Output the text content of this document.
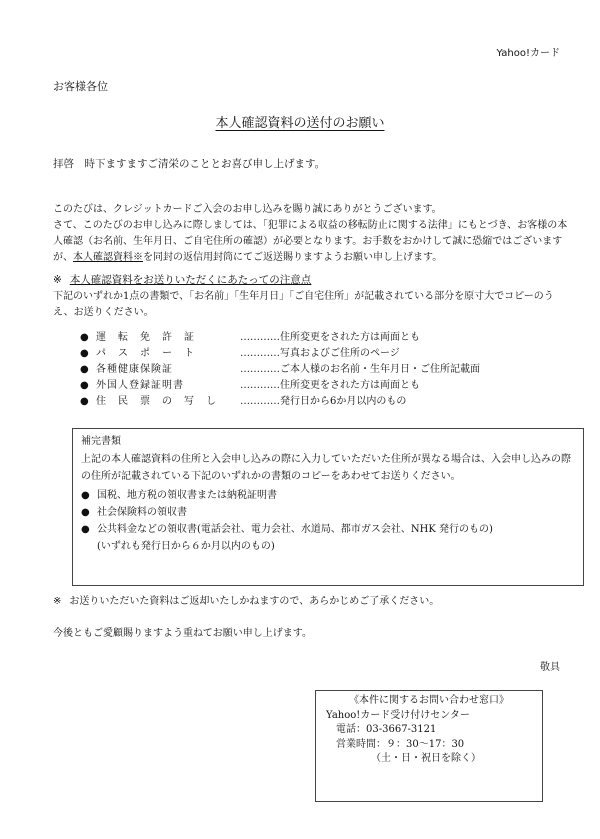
Yahoo!カード
お客様各位
本人確認資料の送付のお願い
拝啓　時下ますますご清栄のこととお喜び申し上げます。

このたびは、クレジットカードご入会のお申し込みを賜り誠にありがとうございます。

さて、このたびのお申し込みに際しましては、「犯罪による収益の移転防止に関する法律」にもとづき、お客様の本人確認（お名前、生年月日、ご自宅住所の確認）が必要となります。お手数をおかけして誠に恐縮ではございますが、本人確認資料※を同封の返信用封筒にてご返送賜りますようお願い申し上げます。

※ 本人確認資料をお送りいただくにあたっての注意点
下記のいずれか1点の書類で、「お名前」「生年月日」「ご自宅住所」が記載されている部分を原寸大でコピーのうえ、お送りください。
● 運　転　免　許　証	…………住所変更をされた方は両面とも
● パ　ス　ポ　ー　ト	…………写真およびご住所のページ
● 各種健康保険証	…………ご本人様のお名前・生年月日・ご住所記載面
● 外国人登録証明書	…………住所変更をされた方は両面とも
● 住　民　票　の　写　し	…………発行日から6か月以内のもの
補完書類
上記の本人確認資料の住所と入会申し込みの際に入力していただいた住所が異なる場合は、入会申し込みの際の住所が記載されている下記のいずれかの書類のコピーをあわせてお送りください。
● 国税、地方税の領収書または納税証明書
● 社会保険料の領収書
● 公共料金などの領収書(電話会社、電力会社、水道局、都市ガス会社、NHK 発行のもの)
(いずれも発行日から６か月以内のもの)
※ お送りいただいた資料はご返却いたしかねますので、あらかじめご了承ください。
今後ともご愛顧賜りますよう重ねてお願い申し上げます。
敬具
《本件に関するお問い合わせ窓口》
Yahoo!カード受け付けセンター
電話：03-3667-3121
営業時間：９：30～17：30
（土・日・祝日を除く）
